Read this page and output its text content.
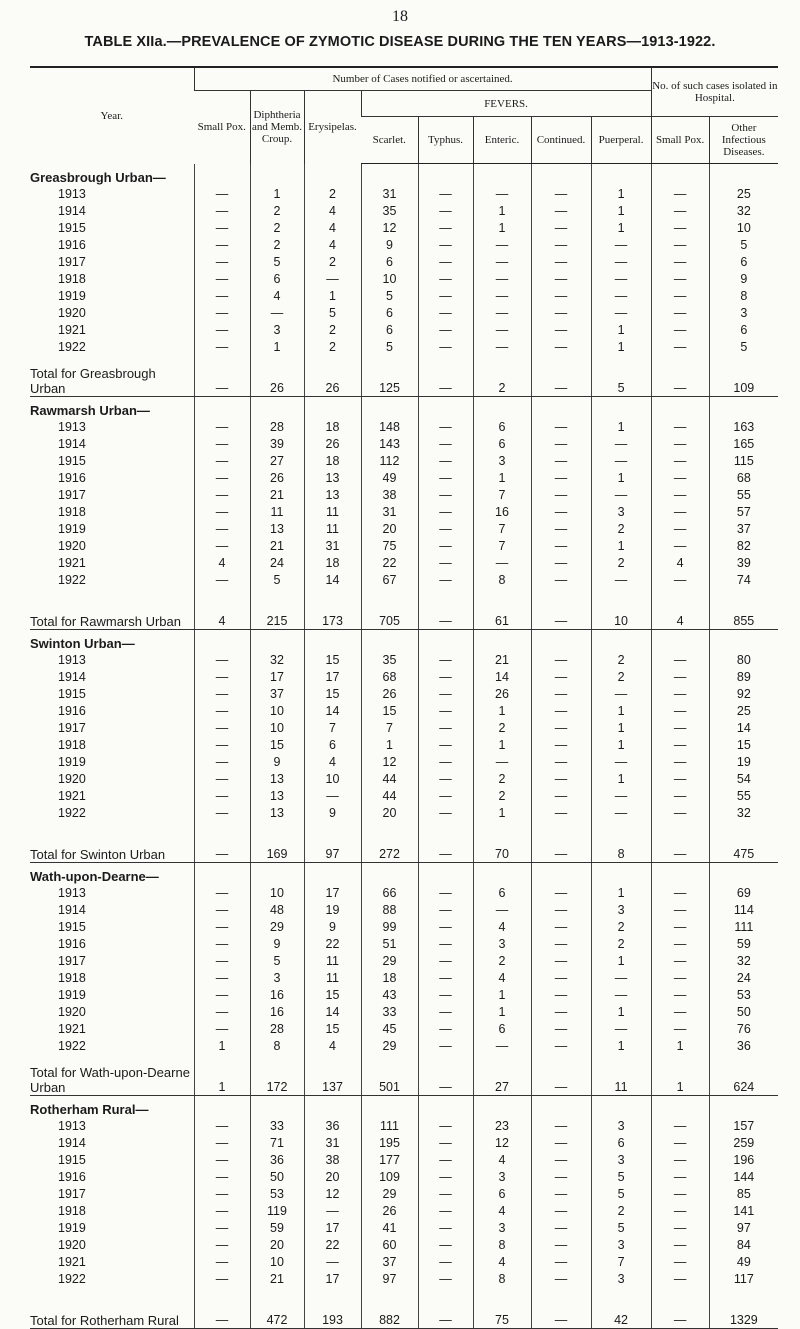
18
TABLE XIIa.—PREVALENCE OF ZYMOTIC DISEASE DURING THE TEN YEARS—1913-1922.
Year.	Number of Cases notified or ascertained.								No. of such cases isolated in Hospital.	
	Small Pox.	Diphtheria and Memb. Croup.	Erysipelas.	FEVERS.						
				Scarlet.	Typhus.	Enteric.	Continued.	Puerperal.	Small Pox.	Other Infectious Diseases.
Greasbrough Urban—										
1913	—	1	2	31	—	—	—	1	—	25
1914	—	2	4	35	—	1	—	1	—	32
1915	—	2	4	12	—	1	—	1	—	10
1916	—	2	4	9	—	—	—	—	—	5
1917	—	5	2	6	—	—	—	—	—	6
1918	—	6	—	10	—	—	—	—	—	9
1919	—	4	1	5	—	—	—	—	—	8
1920	—	—	5	6	—	—	—	—	—	3
1921	—	3	2	6	—	—	—	1	—	6
1922	—	1	2	5	—	—	—	1	—	5
Total for Greasbrough Urban	—	26	26	125	—	2	—	5	—	109
Rawmarsh Urban—										
1913	—	28	18	148	—	6	—	1	—	163
1914	—	39	26	143	—	6	—	—	—	165
1915	—	27	18	112	—	3	—	—	—	115
1916	—	26	13	49	—	1	—	1	—	68
1917	—	21	13	38	—	7	—	—	—	55
1918	—	11	11	31	—	16	—	3	—	57
1919	—	13	11	20	—	7	—	2	—	37
1920	—	21	31	75	—	7	—	1	—	82
1921	4	24	18	22	—	—	—	2	4	39
1922	—	5	14	67	—	8	—	—	—	74
Total for Rawmarsh Urban	4	215	173	705	—	61	—	10	4	855
Swinton Urban—										
1913	—	32	15	35	—	21	—	2	—	80
1914	—	17	17	68	—	14	—	2	—	89
1915	—	37	15	26	—	26	—	—	—	92
1916	—	10	14	15	—	1	—	1	—	25
1917	—	10	7	7	—	2	—	1	—	14
1918	—	15	6	1	—	1	—	1	—	15
1919	—	9	4	12	—	—	—	—	—	19
1920	—	13	10	44	—	2	—	1	—	54
1921	—	13	—	44	—	2	—	—	—	55
1922	—	13	9	20	—	1	—	—	—	32
Total for Swinton Urban	—	169	97	272	—	70	—	8	—	475
Wath-upon-Dearne—										
1913	—	10	17	66	—	6	—	1	—	69
1914	—	48	19	88	—	—	—	3	—	114
1915	—	29	9	99	—	4	—	2	—	111
1916	—	9	22	51	—	3	—	2	—	59
1917	—	5	11	29	—	2	—	1	—	32
1918	—	3	11	18	—	4	—	—	—	24
1919	—	16	15	43	—	1	—	—	—	53
1920	—	16	14	33	—	1	—	1	—	50
1921	—	28	15	45	—	6	—	—	—	76
1922	1	8	4	29	—	—	—	1	1	36
Total for Wath-upon-Dearne Urban	1	172	137	501	—	27	—	11	1	624
Rotherham Rural—										
1913	—	33	36	111	—	23	—	3	—	157
1914	—	71	31	195	—	12	—	6	—	259
1915	—	36	38	177	—	4	—	3	—	196
1916	—	50	20	109	—	3	—	5	—	144
1917	—	53	12	29	—	6	—	5	—	85
1918	—	119	—	26	—	4	—	2	—	141
1919	—	59	17	41	—	3	—	5	—	97
1920	—	20	22	60	—	8	—	3	—	84
1921	—	10	—	37	—	4	—	7	—	49
1922	—	21	17	97	—	8	—	3	—	117
Total for Rotherham Rural	—	472	193	882	—	75	—	42	—	1329
